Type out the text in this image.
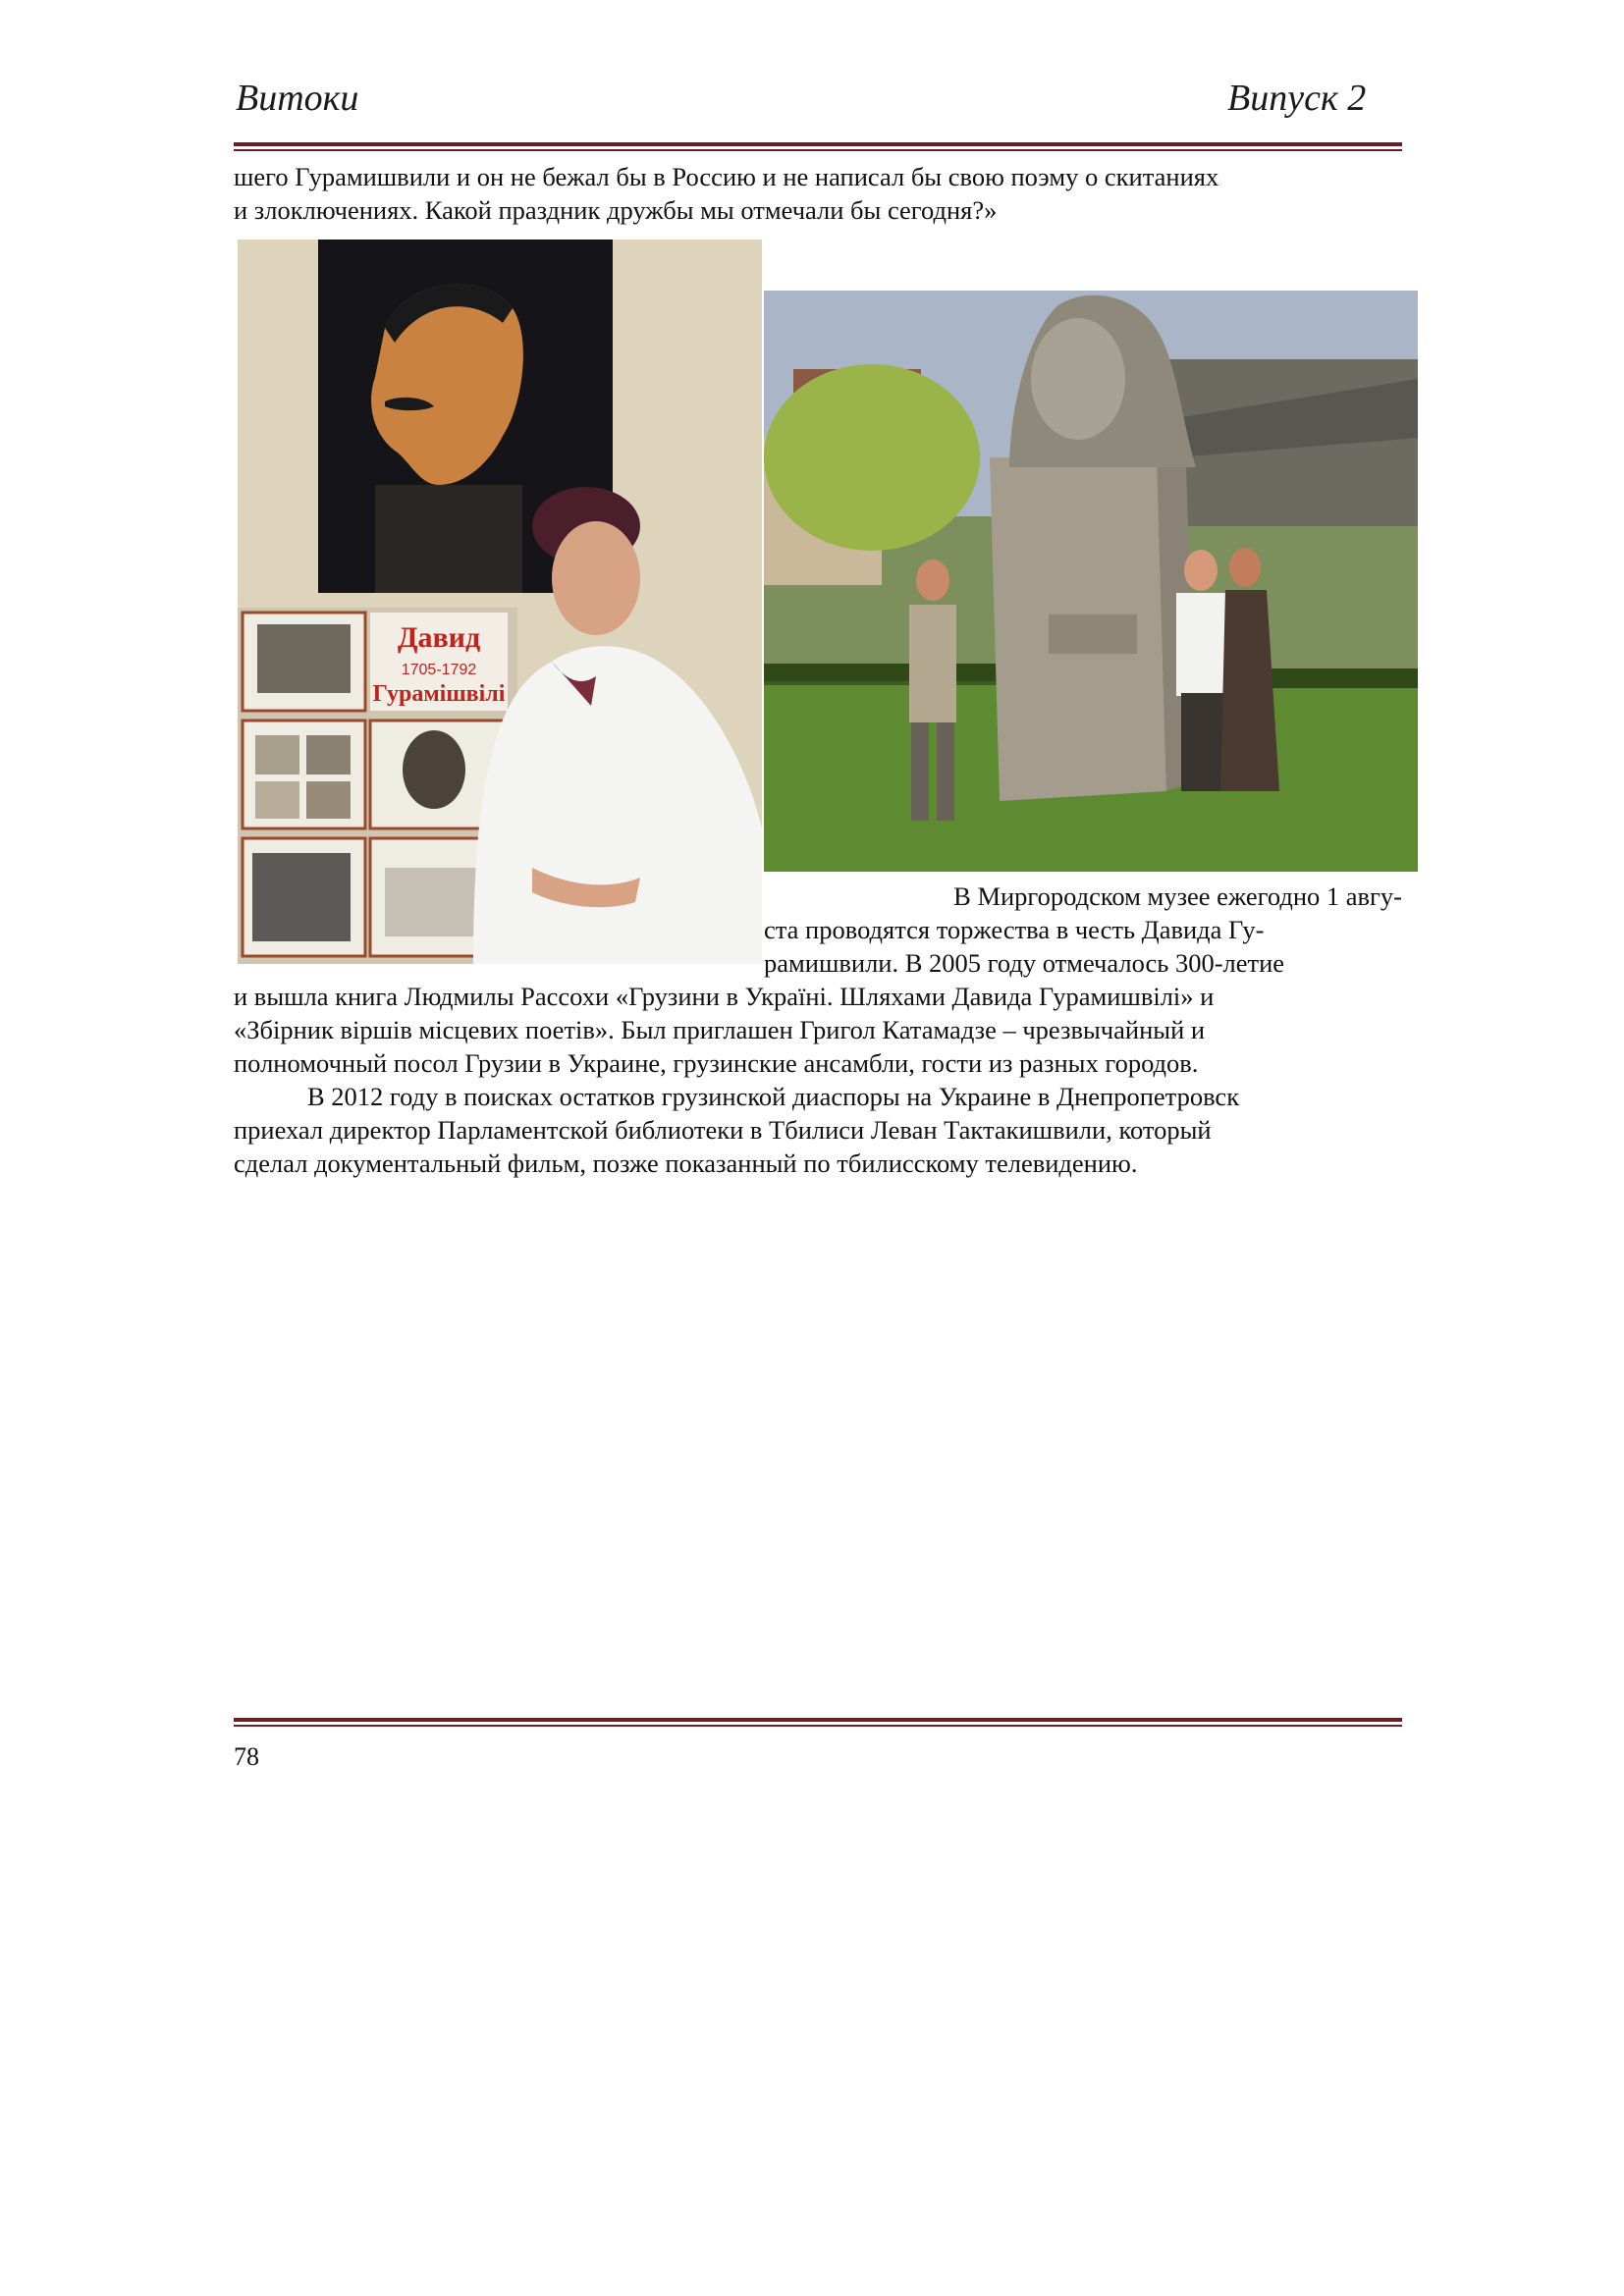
Витоки	Випуск 2
шего Гурамишвили и он не бежал бы в Россию и не написал бы свою поэму о скитаниях
и злоключениях. Какой праздник дружбы мы отмечали бы сегодня?»
Давид
1705-1792
Гурамішвілі
В Миргородском музее ежегодно 1 авгу-
ста проводятся торжества в честь Давида Гу-
рамишвили. В 2005 году отмечалось 300-летие
и вышла книга Людмилы Рассохи «Грузини в Україні. Шляхами Давида Гурамишвілі» и
«Збірник віршів місцевих поетів». Был приглашен Григол Катамадзе – чрезвычайный и
полномочный посол Грузии в Украине, грузинские ансамбли, гости из разных городов.
В 2012 году в поисках остатков грузинской диаспоры на Украине в Днепропетровск
приехал директор Парламентской библиотеки в Тбилиси Леван Тактакишвили, который
сделал документальный фильм, позже показанный по тбилисскому телевидению.
78
